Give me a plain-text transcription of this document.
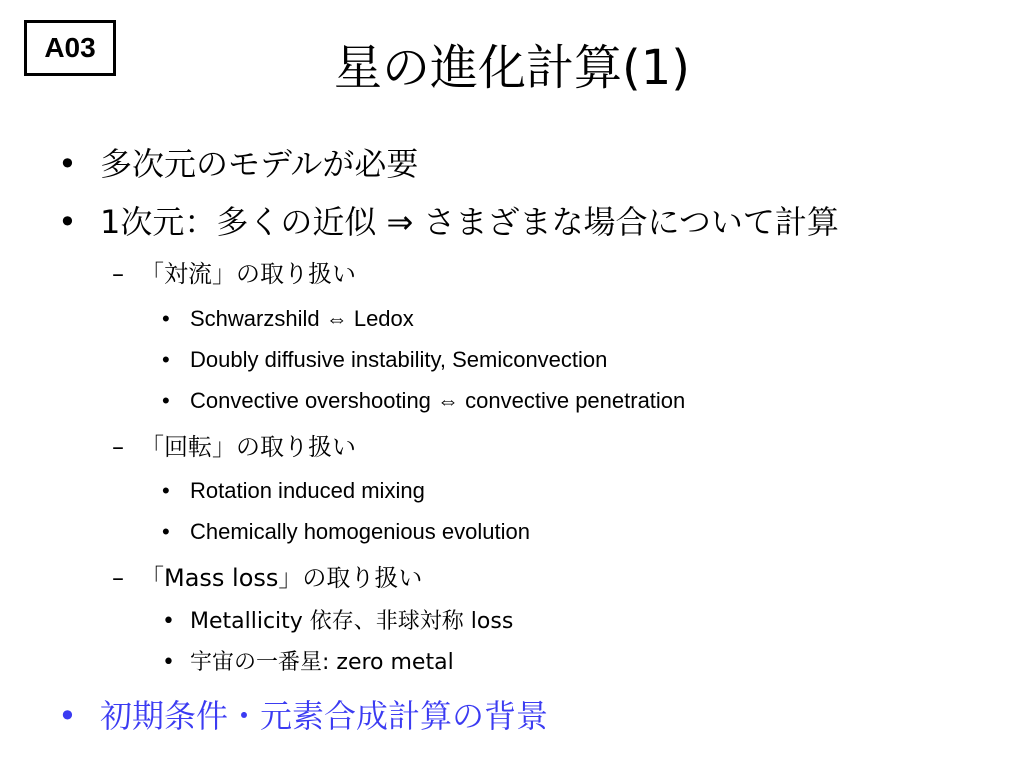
A03	星の進化計算(1)
• 多次元のモデルが必要
• 1次元：多くの近似 ⇒ さまざまな場合について計算
– 「対流」の取り扱い
• Schwarzshild ⇔ Ledox
• Doubly diffusive instability, Semiconvection
• Convective overshooting ⇔ convective penetration
– 「回転」の取り扱い
• Rotation induced mixing
• Chemically homogenious evolution
– 「Mass loss」の取り扱い
• Metallicity 依存、非球対称 loss
• 宇宙の一番星: zero metal
• 初期条件・元素合成計算の背景
